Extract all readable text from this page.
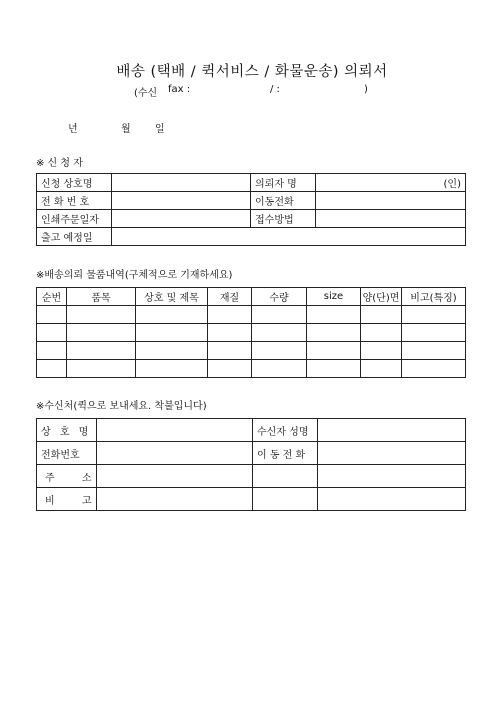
배송 (택배 / 퀵서비스 / 화물운송) 의뢰서
(수신 fax :	/ :	)
년	월 일
※ 신 청 자
신청 상호명		의뢰자 명	(인)
전 화 번 호		이동전화	
인쇄주문일자		접수방법	
출고 예정일			
※배송의뢰 물품내역(구체적으로 기재하세요)
순번	품목	상호 및 제목	재질	수량	size	양(단)면	비고(특징)

※수신처(퀵으로 보내세요. 착불입니다)
상 호 명		수신자 성명	
전화번호		이 동 전 화	
주 소			
비 고			
